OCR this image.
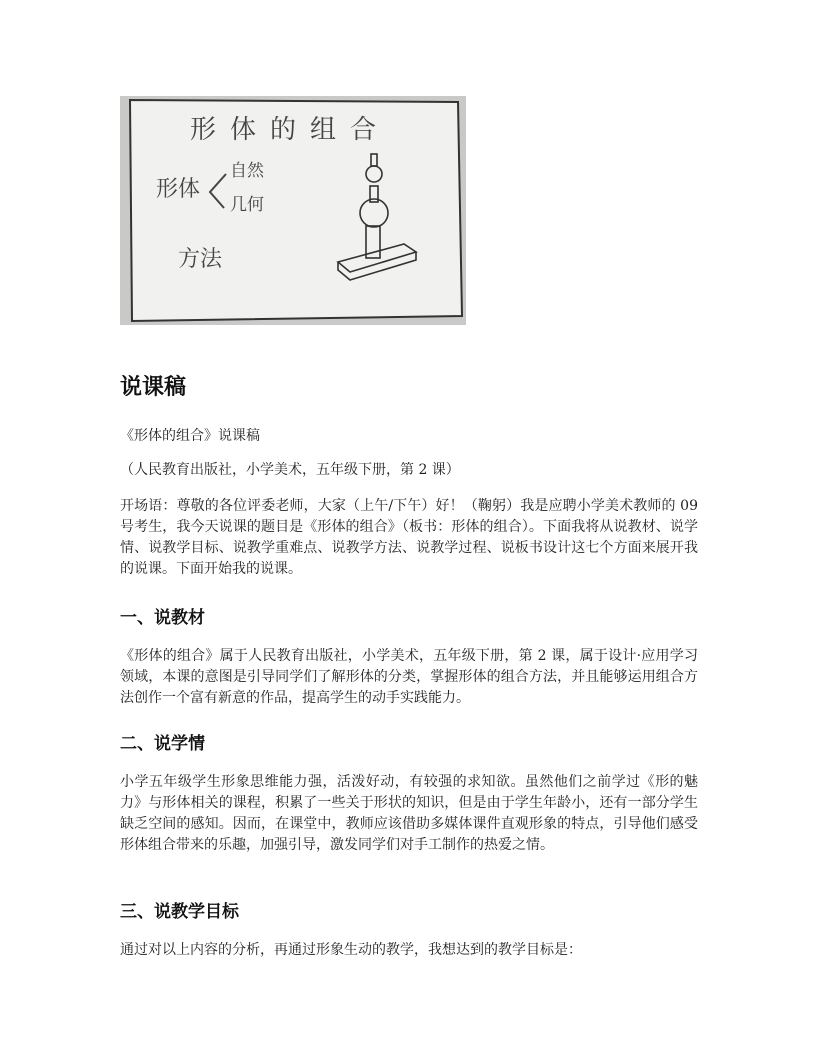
形体的组合
形体
自然
几何
方法
说课稿

《形体的组合》说课稿

（人民教育出版社，小学美术，五年级下册，第 2 课）

开场语：尊敬的各位评委老师，大家（上午/下午）好！（鞠躬）我是应聘小学美术教师的 09 号考生，我今天说课的题目是《形体的组合》（板书：形体的组合）。下面我将从说教材、说学情、说教学目标、说教学重难点、说教学方法、说教学过程、说板书设计这七个方面来展开我的说课。下面开始我的说课。

一、说教材

《形体的组合》属于人民教育出版社，小学美术，五年级下册，第 2 课，属于设计·应用学习领域，本课的意图是引导同学们了解形体的分类，掌握形体的组合方法，并且能够运用组合方法创作一个富有新意的作品，提高学生的动手实践能力。

二、说学情

小学五年级学生形象思维能力强，活泼好动，有较强的求知欲。虽然他们之前学过《形的魅力》与形体相关的课程，积累了一些关于形状的知识，但是由于学生年龄小，还有一部分学生缺乏空间的感知。因而，在课堂中，教师应该借助多媒体课件直观形象的特点，引导他们感受形体组合带来的乐趣，加强引导，激发同学们对手工制作的热爱之情。

三、说教学目标

通过对以上内容的分析，再通过形象生动的教学，我想达到的教学目标是：
